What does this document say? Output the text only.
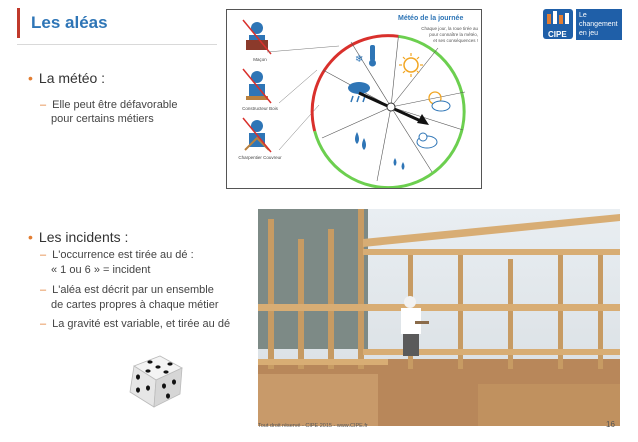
Les aléas
• La météo :
– Elle peut être défavorable
pour certains métiers
• Les incidents :
– L'occurrence est tirée au dé :
« 1 ou 6 » = incident
– L'aléa est décrit par un ensemble
de cartes propres à chaque métier
– La gravité est variable, et tirée au dé
❄
Maçon
Constructeur Bois
Charpentier Couvreur
Météo de la journée
Chaque jour, la roue tirée au
pour connaître la météo,
et ses conséquences !
CIPE
Le
changement
en jeu
Tout droit réservé - CIPE 2015 - www.CIPE.fr	16
